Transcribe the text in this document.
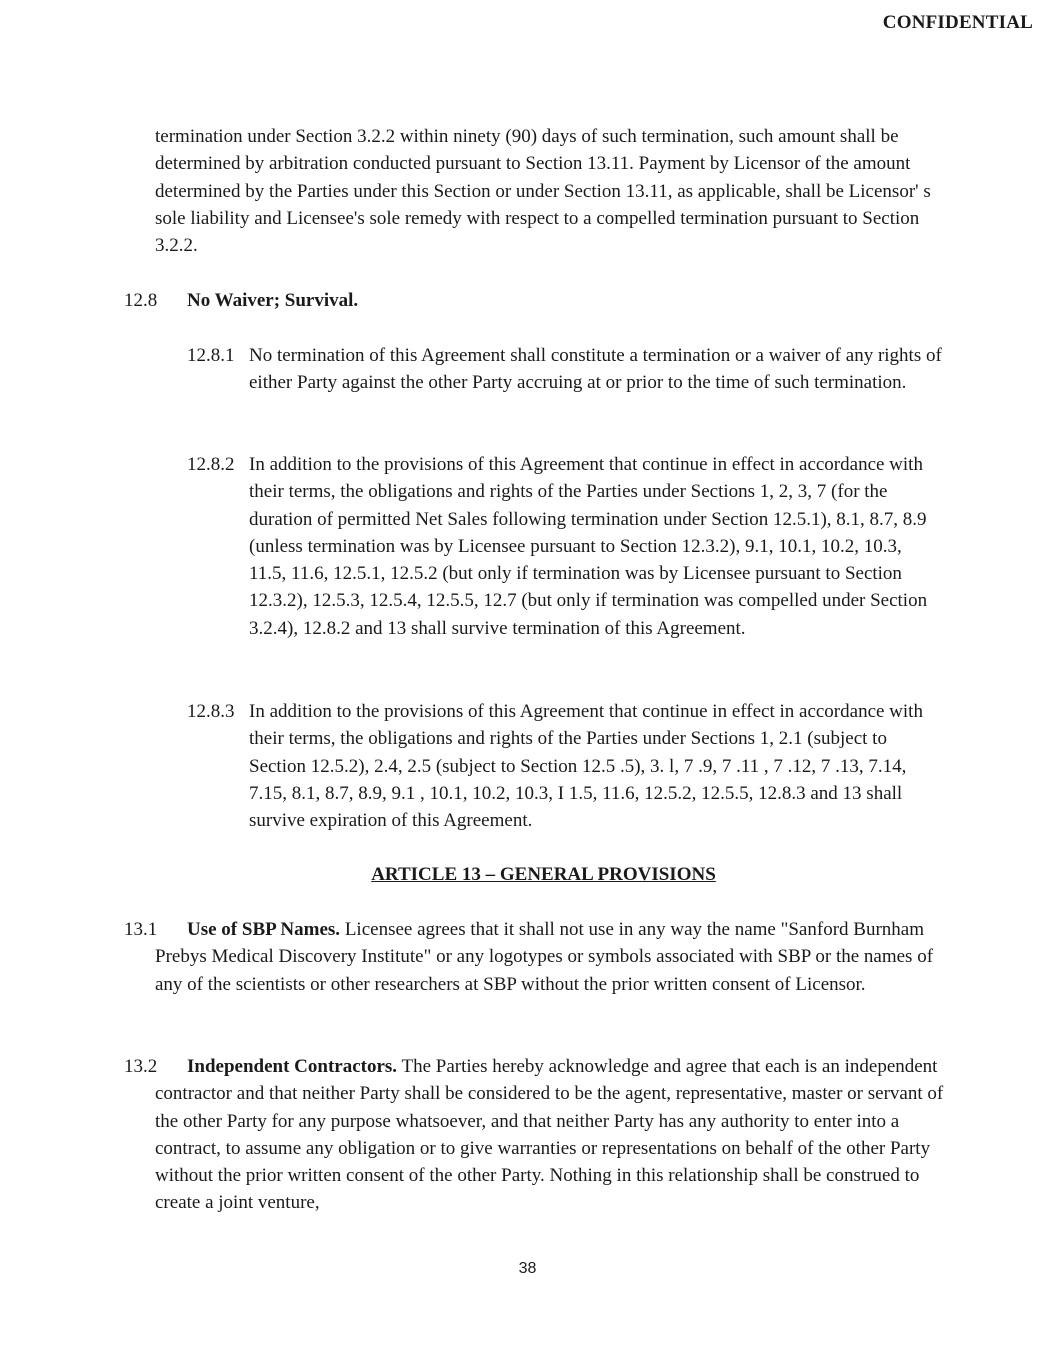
CONFIDENTIAL

termination under Section 3.2.2 within ninety (90) days of such termination, such amount shall be determined by arbitration conducted pursuant to Section 13.11. Payment by Licensor of the amount determined by the Parties under this Section or under Section 13.11, as applicable, shall be Licensor' s sole liability and Licensee's sole remedy with respect to a compelled termination pursuant to Section 3.2.2.

12.8 No Waiver; Survival.
12.8.1 No termination of this Agreement shall constitute a termination or a waiver of any rights of either Party against the other Party accruing at or prior to the time of such termination.

12.8.2 In addition to the provisions of this Agreement that continue in effect in accordance with their terms, the obligations and rights of the Parties under Sections 1, 2, 3, 7 (for the duration of permitted Net Sales following termination under Section 12.5.1), 8.1, 8.7, 8.9 (unless termination was by Licensee pursuant to Section 12.3.2), 9.1, 10.1, 10.2, 10.3, 11.5, 11.6, 12.5.1, 12.5.2 (but only if termination was by Licensee pursuant to Section 12.3.2), 12.5.3, 12.5.4, 12.5.5, 12.7 (but only if termination was compelled under Section 3.2.4), 12.8.2 and 13 shall survive termination of this Agreement.

12.8.3 In addition to the provisions of this Agreement that continue in effect in accordance with their terms, the obligations and rights of the Parties under Sections 1, 2.1 (subject to Section 12.5.2), 2.4, 2.5 (subject to Section 12.5 .5), 3. l, 7 .9, 7 .11 , 7 .12, 7 .13, 7.14, 7.15, 8.1, 8.7, 8.9, 9.1 , 10.1, 10.2, 10.3, I 1.5, 11.6, 12.5.2, 12.5.5, 12.8.3 and 13 shall survive expiration of this Agreement.

ARTICLE 13 – GENERAL PROVISIONS
13.1	Use of SBP Names. Licensee agrees that it shall not use in any way the name "Sanford Burnham Prebys Medical Discovery Institute" or any logotypes or symbols associated with SBP or the names of any of the scientists or other researchers at SBP without the prior written consent of Licensor.

13.2	Independent Contractors. The Parties hereby acknowledge and agree that each is an independent contractor and that neither Party shall be considered to be the agent, representative, master or servant of the other Party for any purpose whatsoever, and that neither Party has any authority to enter into a contract, to assume any obligation or to give warranties or representations on behalf of the other Party without the prior written consent of the other Party. Nothing in this relationship shall be construed to create a joint venture,

38
